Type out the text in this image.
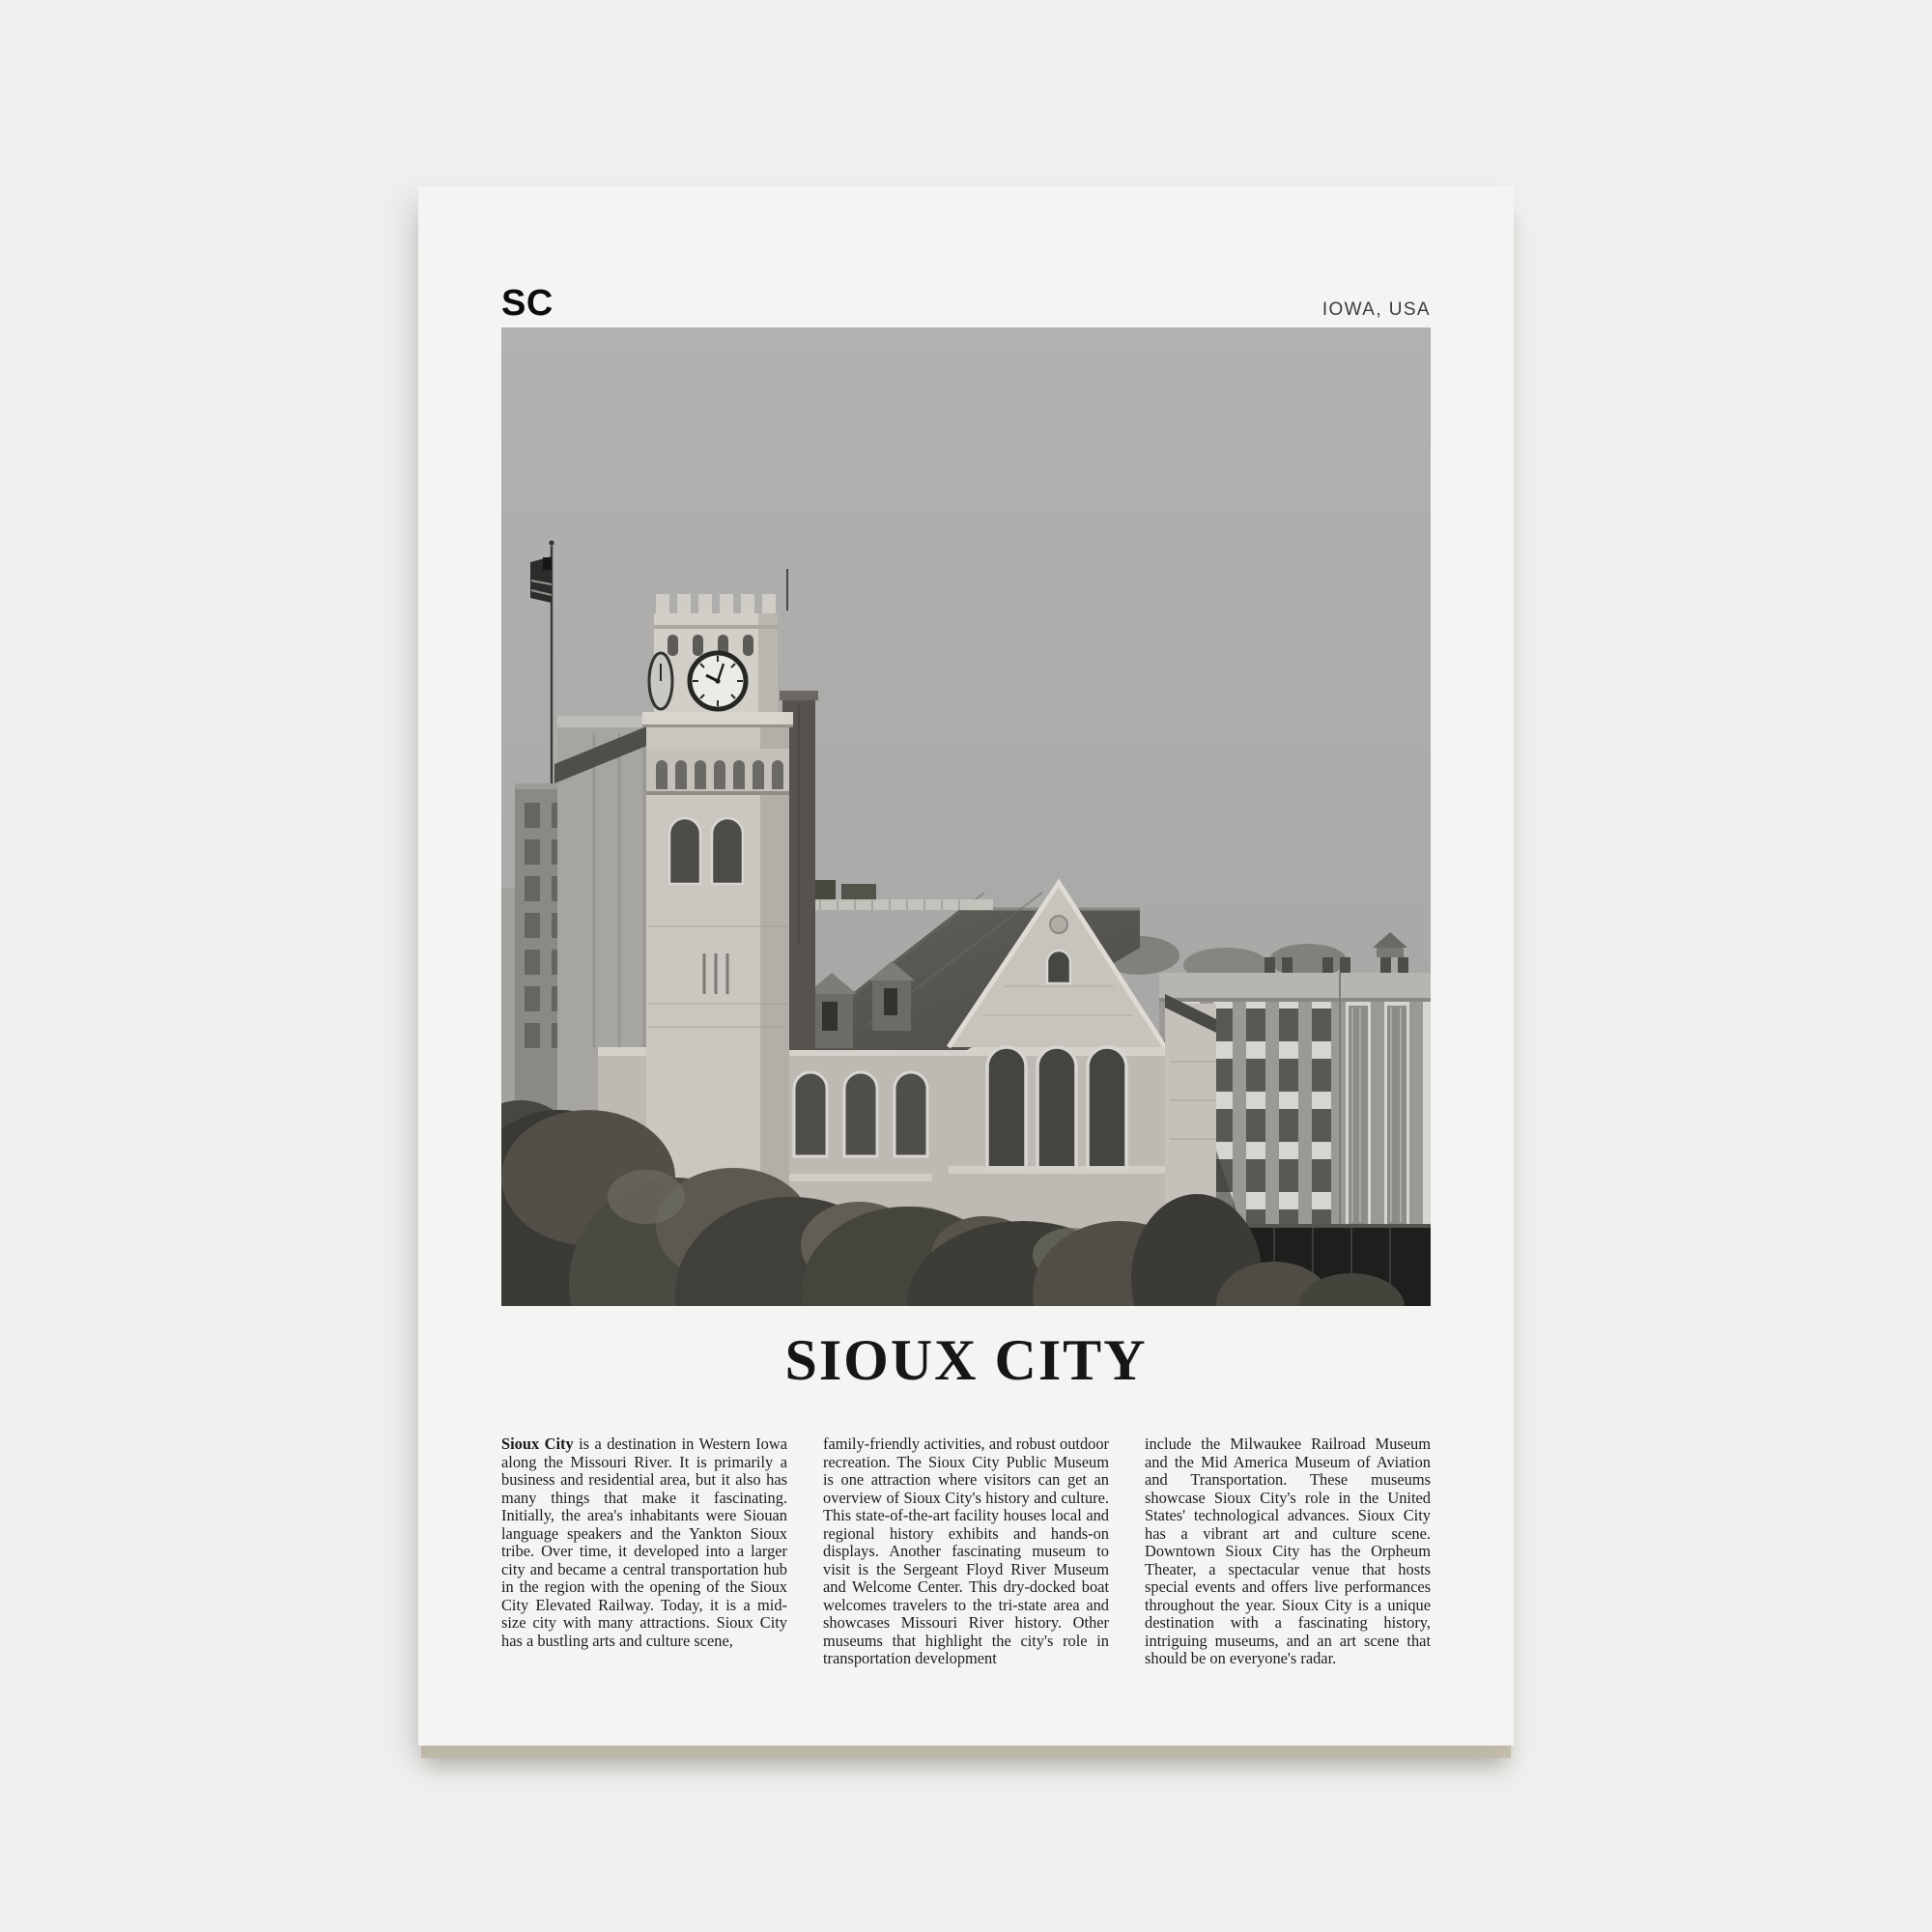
SC	IOWA, USA
SIOUX CITY

Sioux City is a destination in Western Iowa along the Missouri River. It is primarily a business and residential area, but it also has many things that make it fascinating. Initially, the area's inhabitants were Siouan language speakers and the Yankton Sioux tribe. Over time, it developed into a larger city and became a central transportation hub in the region with the opening of the Sioux City Elevated Railway. Today, it is a mid-size city with many attractions. Sioux City has a bustling arts and culture scene,

family-friendly activities, and robust outdoor recreation. The Sioux City Public Museum is one attraction where visitors can get an overview of Sioux City's history and culture. This state-of-the-art facility houses local and regional history exhibits and hands-on displays. Another fascinating museum to visit is the Sergeant Floyd River Museum and Welcome Center. This dry-docked boat welcomes travelers to the tri-state area and showcases Missouri River history. Other museums that highlight the city's role in transportation development

include the Milwaukee Railroad Museum and the Mid America Museum of Aviation and Transportation. These museums showcase Sioux City's role in the United States' technological advances. Sioux City has a vibrant art and culture scene. Downtown Sioux City has the Orpheum Theater, a spectacular venue that hosts special events and offers live performances throughout the year. Sioux City is a unique destination with a fascinating history, intriguing museums, and an art scene that should be on everyone's radar.
